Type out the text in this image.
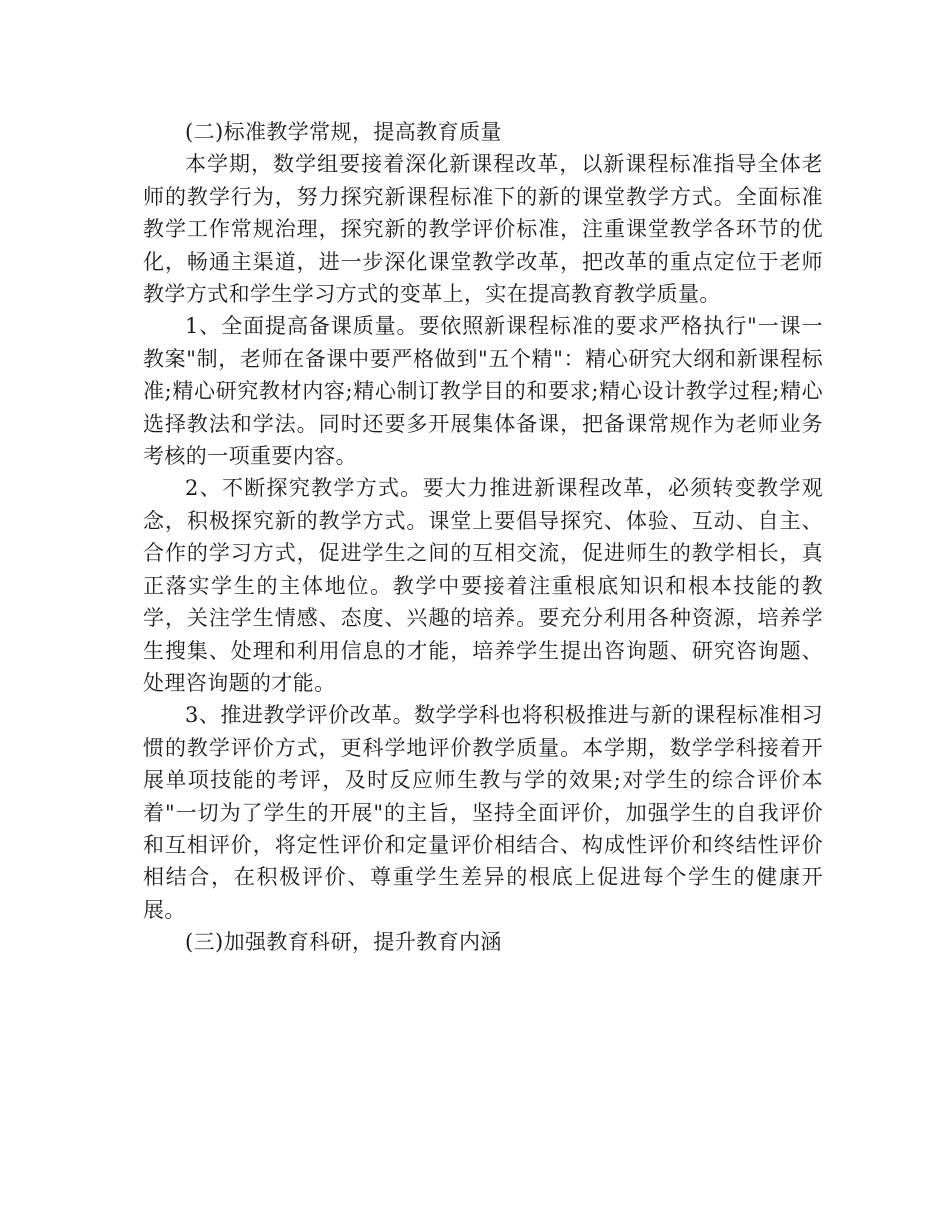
(二)标准教学常规，提高教育质量

本学期，数学组要接着深化新课程改革，以新课程标准指导全体老师的教学行为，努力探究新课程标准下的新的课堂教学方式。全面标准教学工作常规治理，探究新的教学评价标准，注重课堂教学各环节的优化，畅通主渠道，进一步深化课堂教学改革，把改革的重点定位于老师教学方式和学生学习方式的变革上，实在提高教育教学质量。

1、全面提高备课质量。要依照新课程标准的要求严格执行"一课一教案"制，老师在备课中要严格做到"五个精"：精心研究大纲和新课程标准;精心研究教材内容;精心制订教学目的和要求;精心设计教学过程;精心选择教法和学法。同时还要多开展集体备课，把备课常规作为老师业务考核的一项重要内容。

2、不断探究教学方式。要大力推进新课程改革，必须转变教学观念，积极探究新的教学方式。课堂上要倡导探究、体验、互动、自主、合作的学习方式，促进学生之间的互相交流，促进师生的教学相长，真正落实学生的主体地位。教学中要接着注重根底知识和根本技能的教学，关注学生情感、态度、兴趣的培养。要充分利用各种资源，培养学生搜集、处理和利用信息的才能，培养学生提出咨询题、研究咨询题、处理咨询题的才能。

3、推进教学评价改革。数学学科也将积极推进与新的课程标准相习惯的教学评价方式，更科学地评价教学质量。本学期，数学学科接着开展单项技能的考评，及时反应师生教与学的效果;对学生的综合评价本着"一切为了学生的开展"的主旨，坚持全面评价，加强学生的自我评价和互相评价，将定性评价和定量评价相结合、构成性评价和终结性评价相结合，在积极评价、尊重学生差异的根底上促进每个学生的健康开展。

(三)加强教育科研，提升教育内涵
